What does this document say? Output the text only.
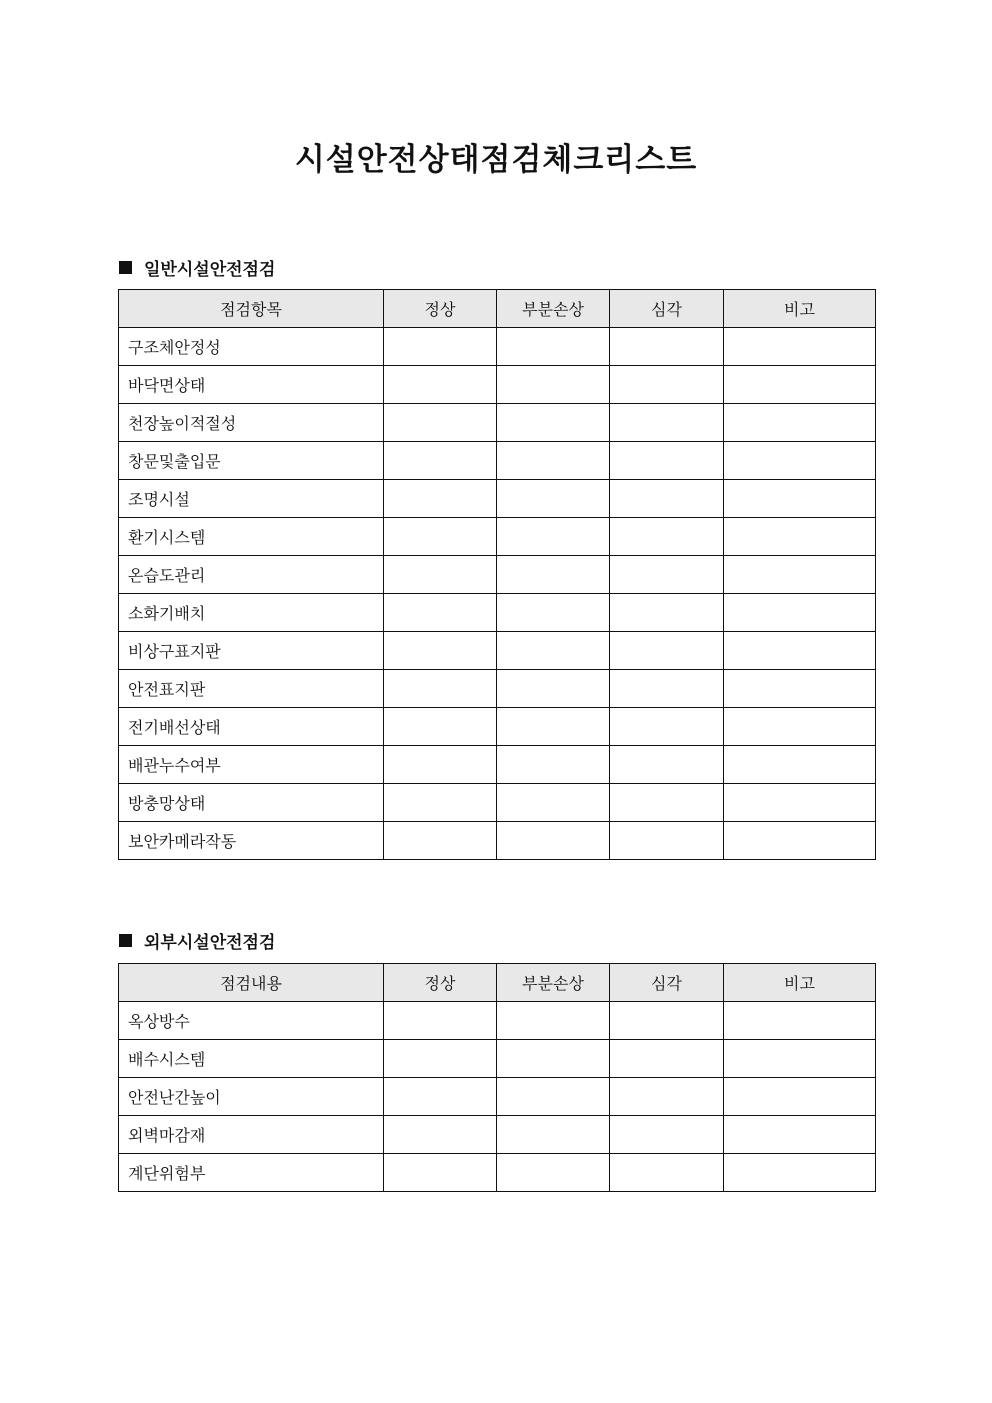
시설안전상태점검체크리스트
일반시설안전점검
점검항목	정상	부분손상	심각	비고
구조체안정성				
바닥면상태				
천장높이적절성				
창문및출입문				
조명시설				
환기시스템				
온습도관리				
소화기배치				
비상구표지판				
안전표지판				
전기배선상태				
배관누수여부				
방충망상태				
보안카메라작동				
외부시설안전점검
점검내용	정상	부분손상	심각	비고
옥상방수				
배수시스템				
안전난간높이				
외벽마감재				
계단위험부				
